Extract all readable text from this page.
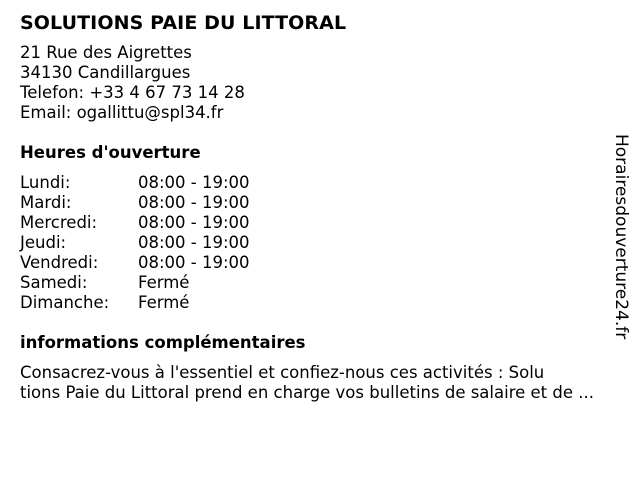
SOLUTIONS PAIE DU LITTORAL
21 Rue des Aigrettes
34130 Candillargues
Telefon: +33 4 67 73 14 28
Email: ogallittu@spl34.fr
Heures d'ouverture
Lundi:	08:00 - 19:00
Mardi:	08:00 - 19:00
Mercredi:	08:00 - 19:00
Jeudi:	08:00 - 19:00
Vendredi:	08:00 - 19:00
Samedi:	Fermé
Dimanche:	Fermé
informations complémentaires
Consacrez-vous à l'essentiel et confiez-nous ces activités : Solu
tions Paie du Littoral prend en charge vos bulletins de salaire et de ...
Horairesdouverture24.fr
